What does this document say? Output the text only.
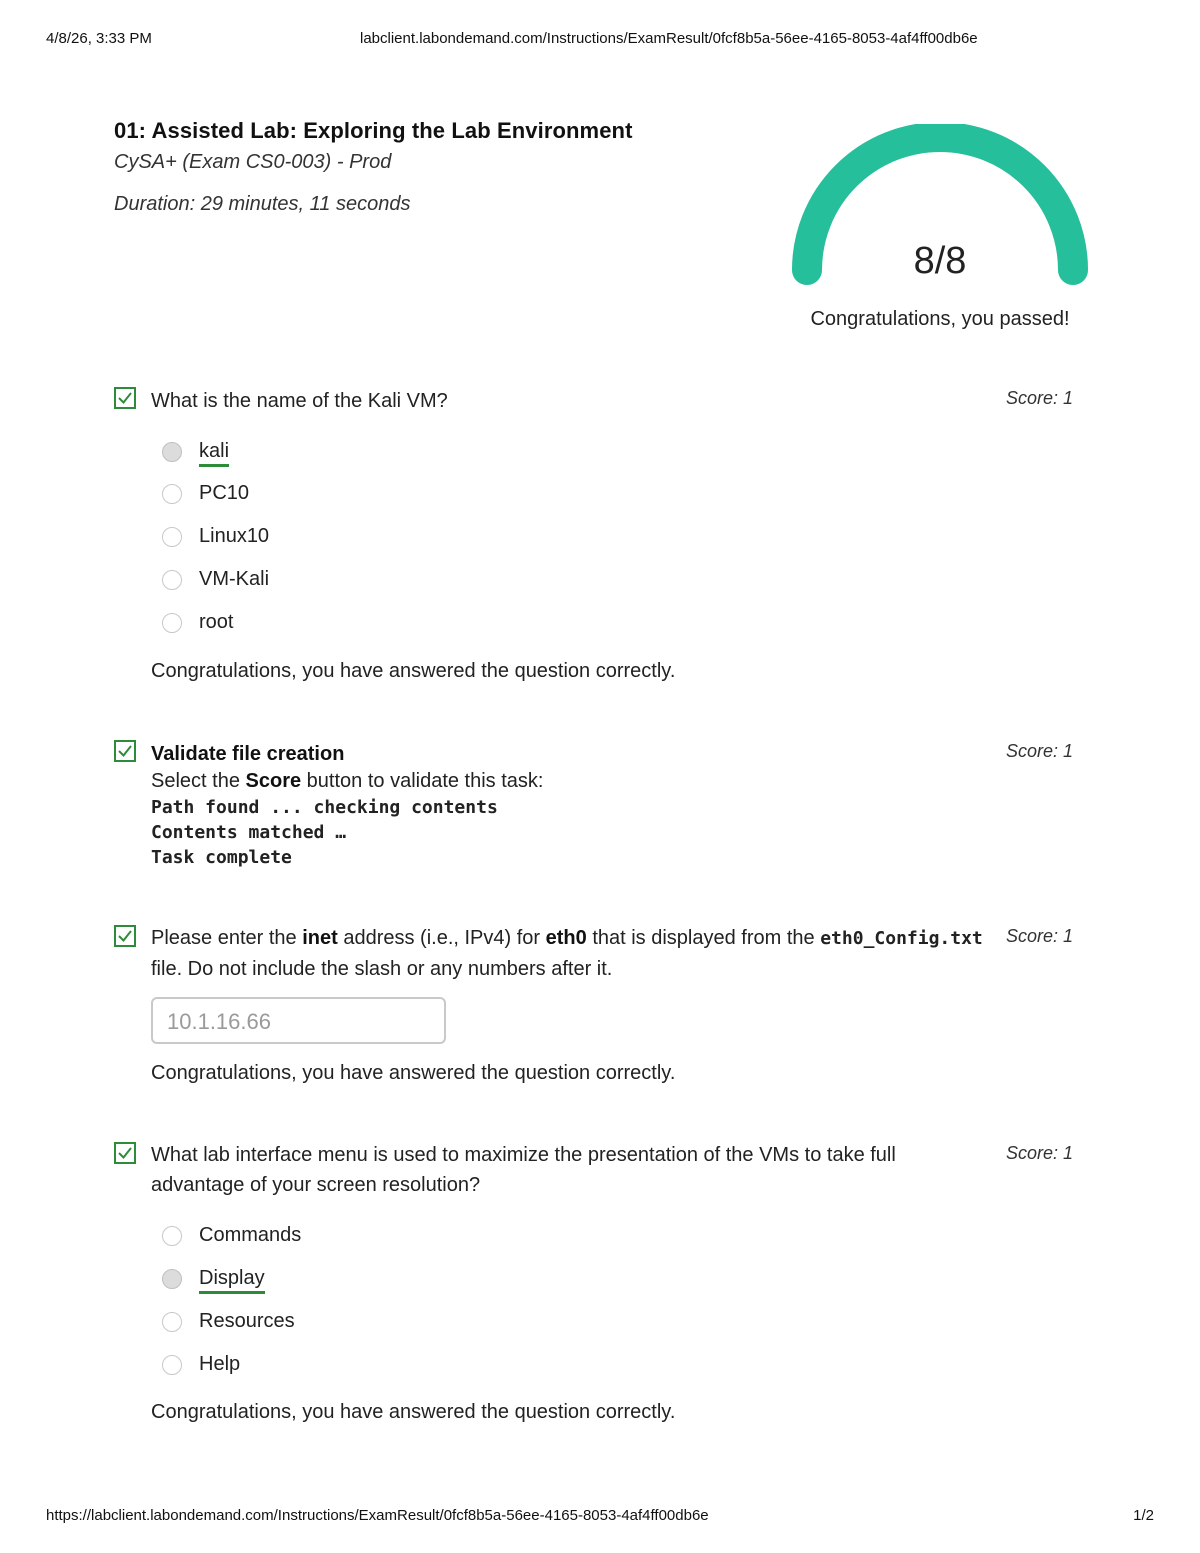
4/8/26, 3:33 PM	labclient.labondemand.com/Instructions/ExamResult/0fcf8b5a-56ee-4165-8053-4af4ff00db6e
01: Assisted Lab: Exploring the Lab Environment
CySA+ (Exam CS0-003) - Prod
Duration: 29 minutes, 11 seconds
8/8
Congratulations, you passed!
What is the name of the Kali VM?	Score: 1
kali
PC10
Linux10
VM-Kali
root
Congratulations, you have answered the question correctly.
Validate file creation	Score: 1
Select the Score button to validate this task:
Path found ... checking contents
Contents matched …
Task complete
Please enter the inet address (i.e., IPv4) for eth0 that is displayed from the eth0_Config.txt
file. Do not include the slash or any numbers after it.
Score: 1
10.1.16.66
Congratulations, you have answered the question correctly.
What lab interface menu is used to maximize the presentation of the VMs to take full
advantage of your screen resolution?
Score: 1
Commands
Display
Resources
Help
Congratulations, you have answered the question correctly.
https://labclient.labondemand.com/Instructions/ExamResult/0fcf8b5a-56ee-4165-8053-4af4ff00db6e	1/2
